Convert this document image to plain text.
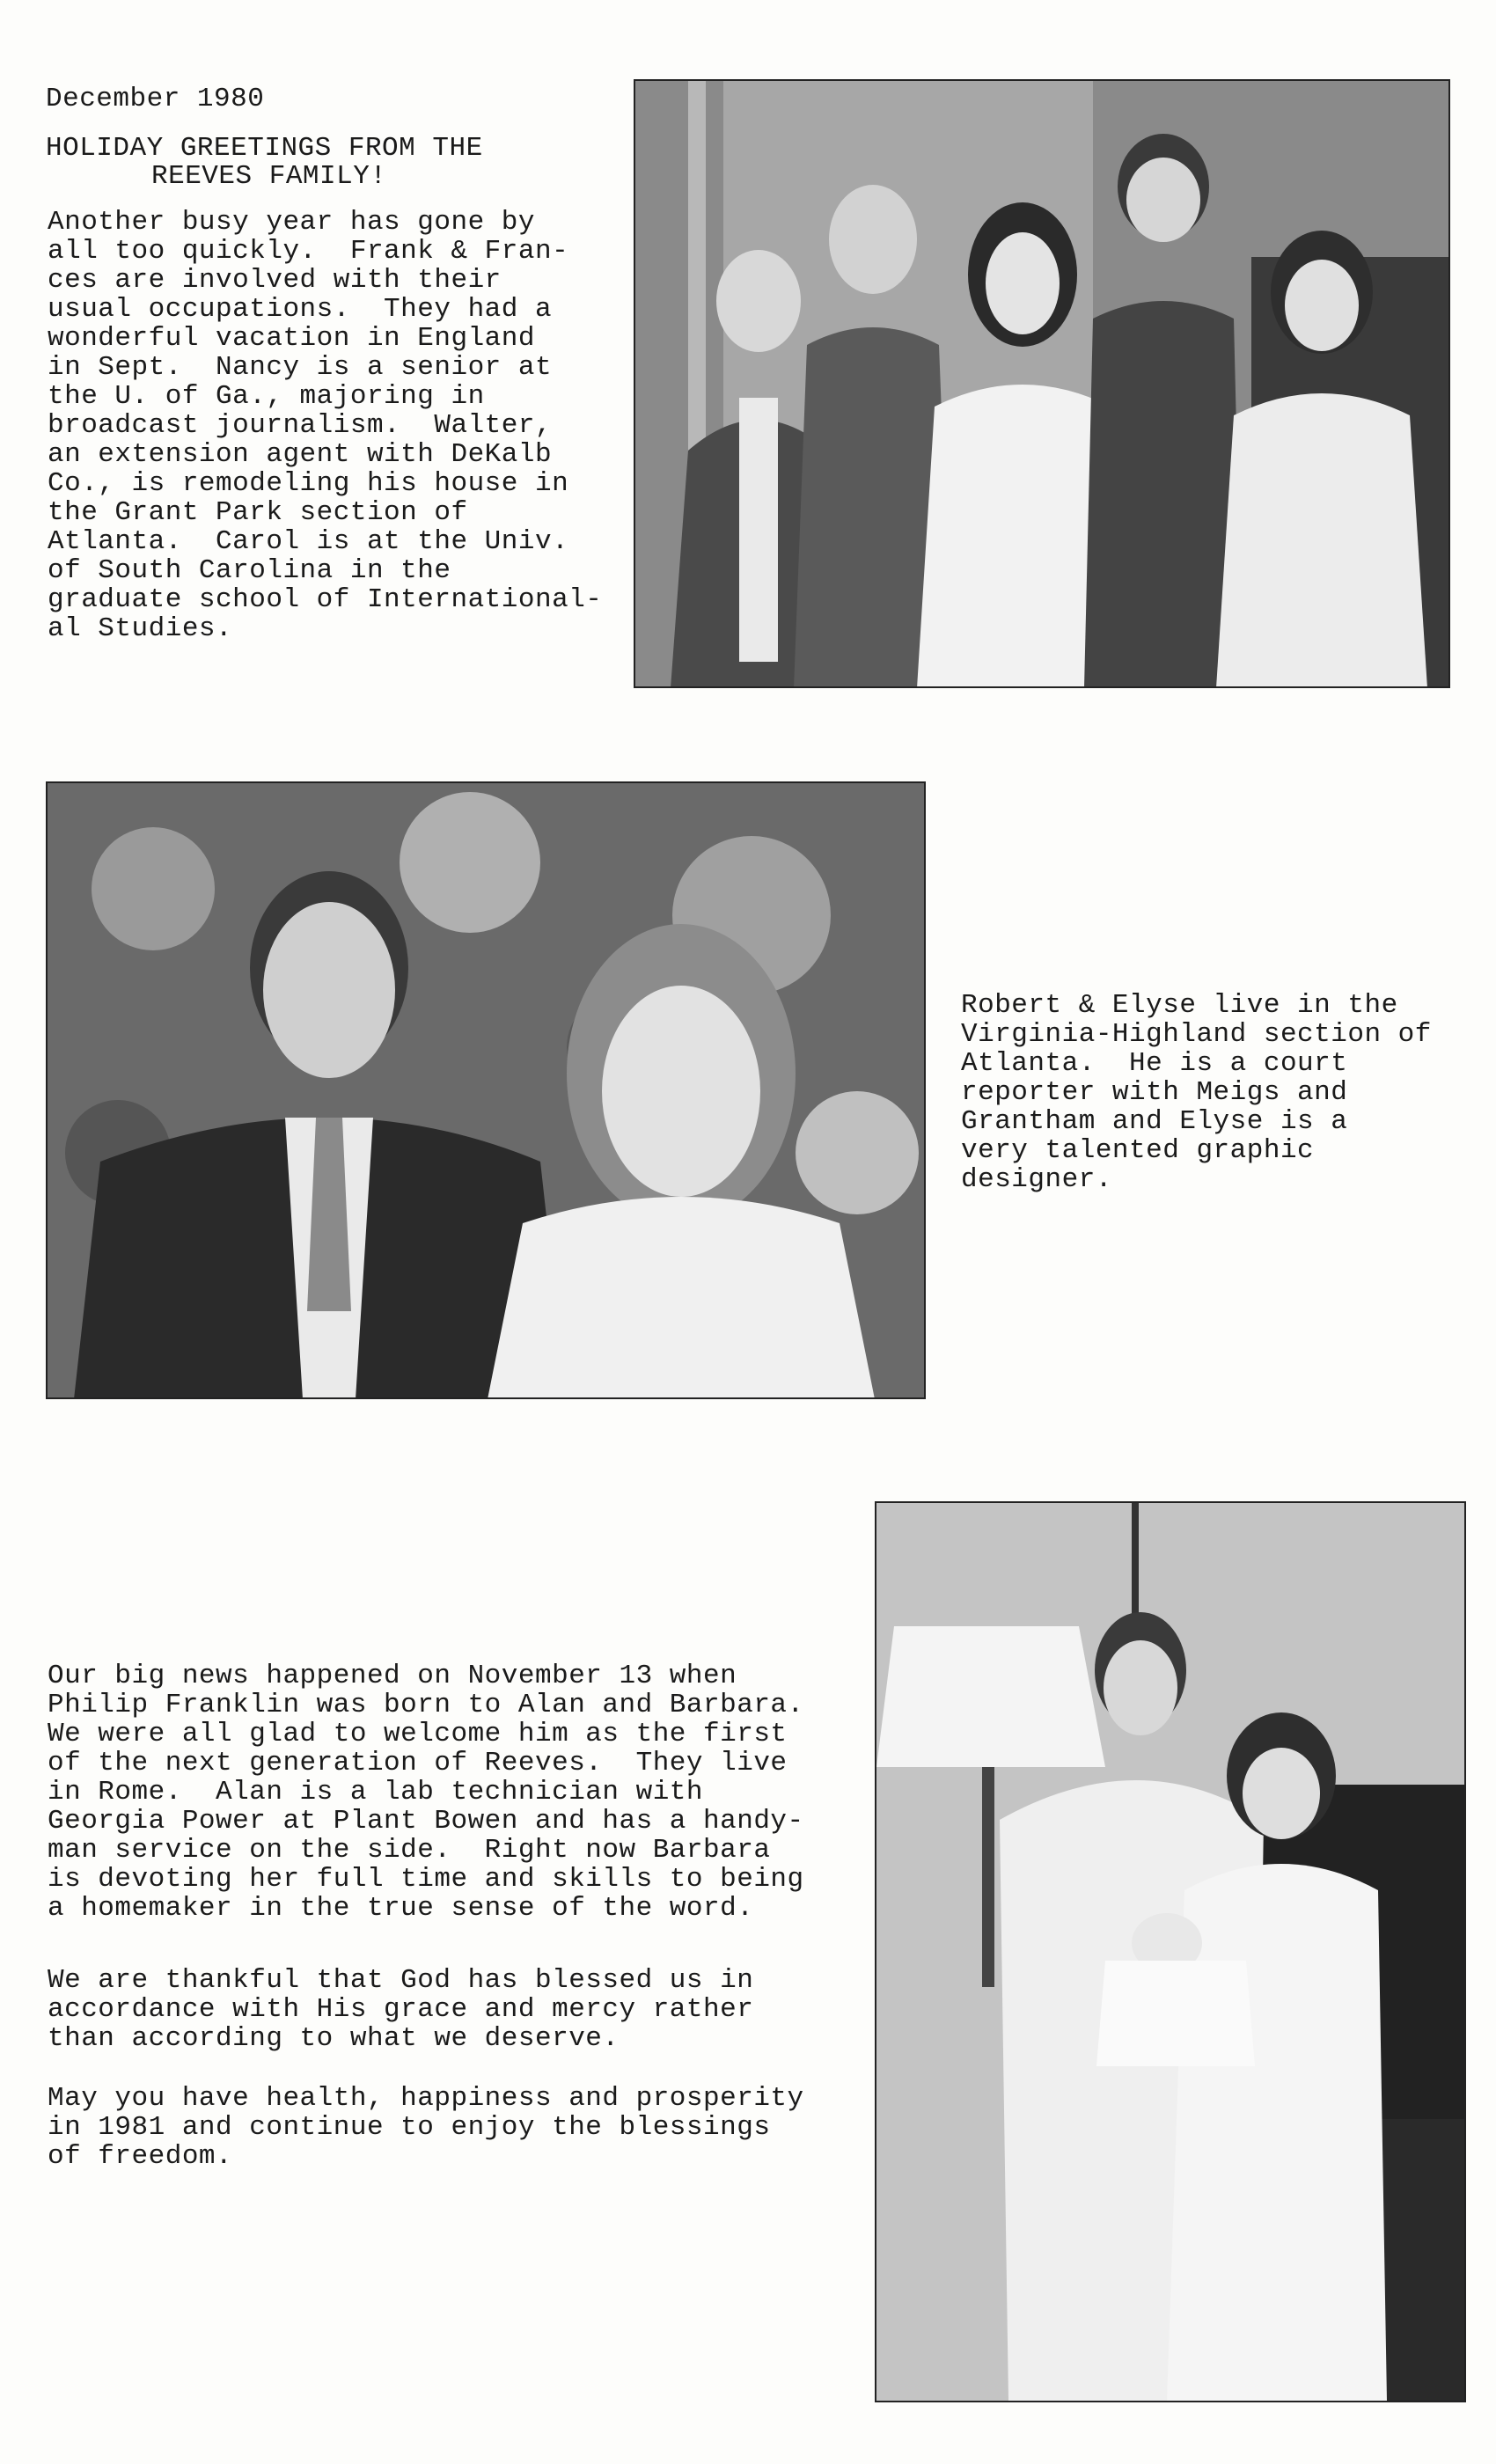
December 1980
HOLIDAY GREETINGS FROM THE
REEVES FAMILY!
Another busy year has gone by
all too quickly.  Frank & Fran-
ces are involved with their
usual occupations.  They had a
wonderful vacation in England
in Sept.  Nancy is a senior at
the U. of Ga., majoring in
broadcast journalism.  Walter,
an extension agent with DeKalb
Co., is remodeling his house in
the Grant Park section of
Atlanta.  Carol is at the Univ.
of South Carolina in the
graduate school of International-
al Studies.
Robert & Elyse live in the
Virginia-Highland section of
Atlanta.  He is a court
reporter with Meigs and
Grantham and Elyse is a
very talented graphic
designer.
Our big news happened on November 13 when
Philip Franklin was born to Alan and Barbara.
We were all glad to welcome him as the first
of the next generation of Reeves.  They live
in Rome.  Alan is a lab technician with
Georgia Power at Plant Bowen and has a handy-
man service on the side.  Right now Barbara
is devoting her full time and skills to being
a homemaker in the true sense of the word.
We are thankful that God has blessed us in
accordance with His grace and mercy rather
than according to what we deserve.
May you have health, happiness and prosperity
in 1981 and continue to enjoy the blessings
of freedom.
